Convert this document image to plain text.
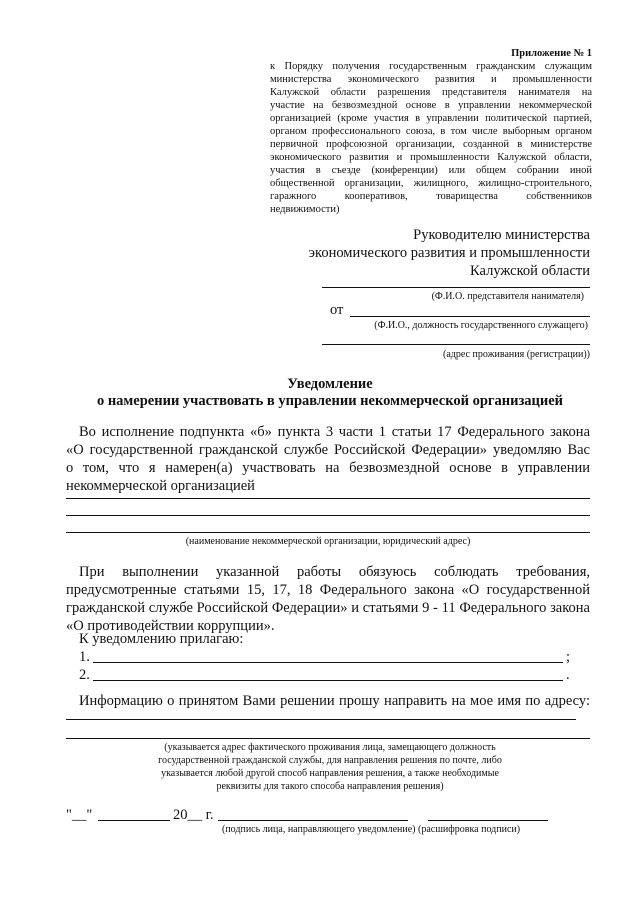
Приложение № 1
к Порядку получения государственным гражданским служащим
министерства экономического развития и промышленности
Калужской области разрешения представителя нанимателя на
участие на безвозмездной основе в управлении некоммерческой
организацией (кроме участия в управлении политической партией,
органом профессионального союза, в том числе выборным органом
первичной профсоюзной организации, созданной в министерстве
экономического развития и промышленности Калужской области,
участия в съезде (конференции) или общем собрании иной
общественной организации, жилищного, жилищно-строительного,
гаражного кооперативов, товарищества собственников
недвижимости)
Руководителю министерства
экономического развития и промышленности
Калужской области
(Ф.И.О. представителя нанимателя)
от
(Ф.И.О., должность государственного служащего)
(адрес проживания (регистрации))
Уведомление
о намерении участвовать в управлении некоммерческой организацией
Во исполнение подпункта «б» пункта 3 части 1 статьи 17 Федерального закона
«О государственной гражданской службе Российской Федерации» уведомляю Вас
о том, что я намерен(а) участвовать на безвозмездной основе в управлении
некоммерческой организацией
(наименование некоммерческой организации, юридический адрес)
При выполнении указанной работы обязуюсь соблюдать требования,
предусмотренные статьями 15, 17, 18 Федерального закона «О государственной
гражданской службе Российской Федерации» и статьями 9 - 11 Федерального закона
«О противодействии коррупции».
К уведомлению прилагаю:
1.	;
2.	.
Информацию о принятом Вами решении прошу направить на мое имя по адресу:
(указывается адрес фактического проживания лица, замещающего должность
государственной гражданской службы, для направления решения по почте, либо
указывается любой другой способ направления решения, а также необходимые
реквизиты для такого способа направления решения)
"__"	20__ г.
(подпись лица, направляющего уведомление) (расшифровка подписи)
